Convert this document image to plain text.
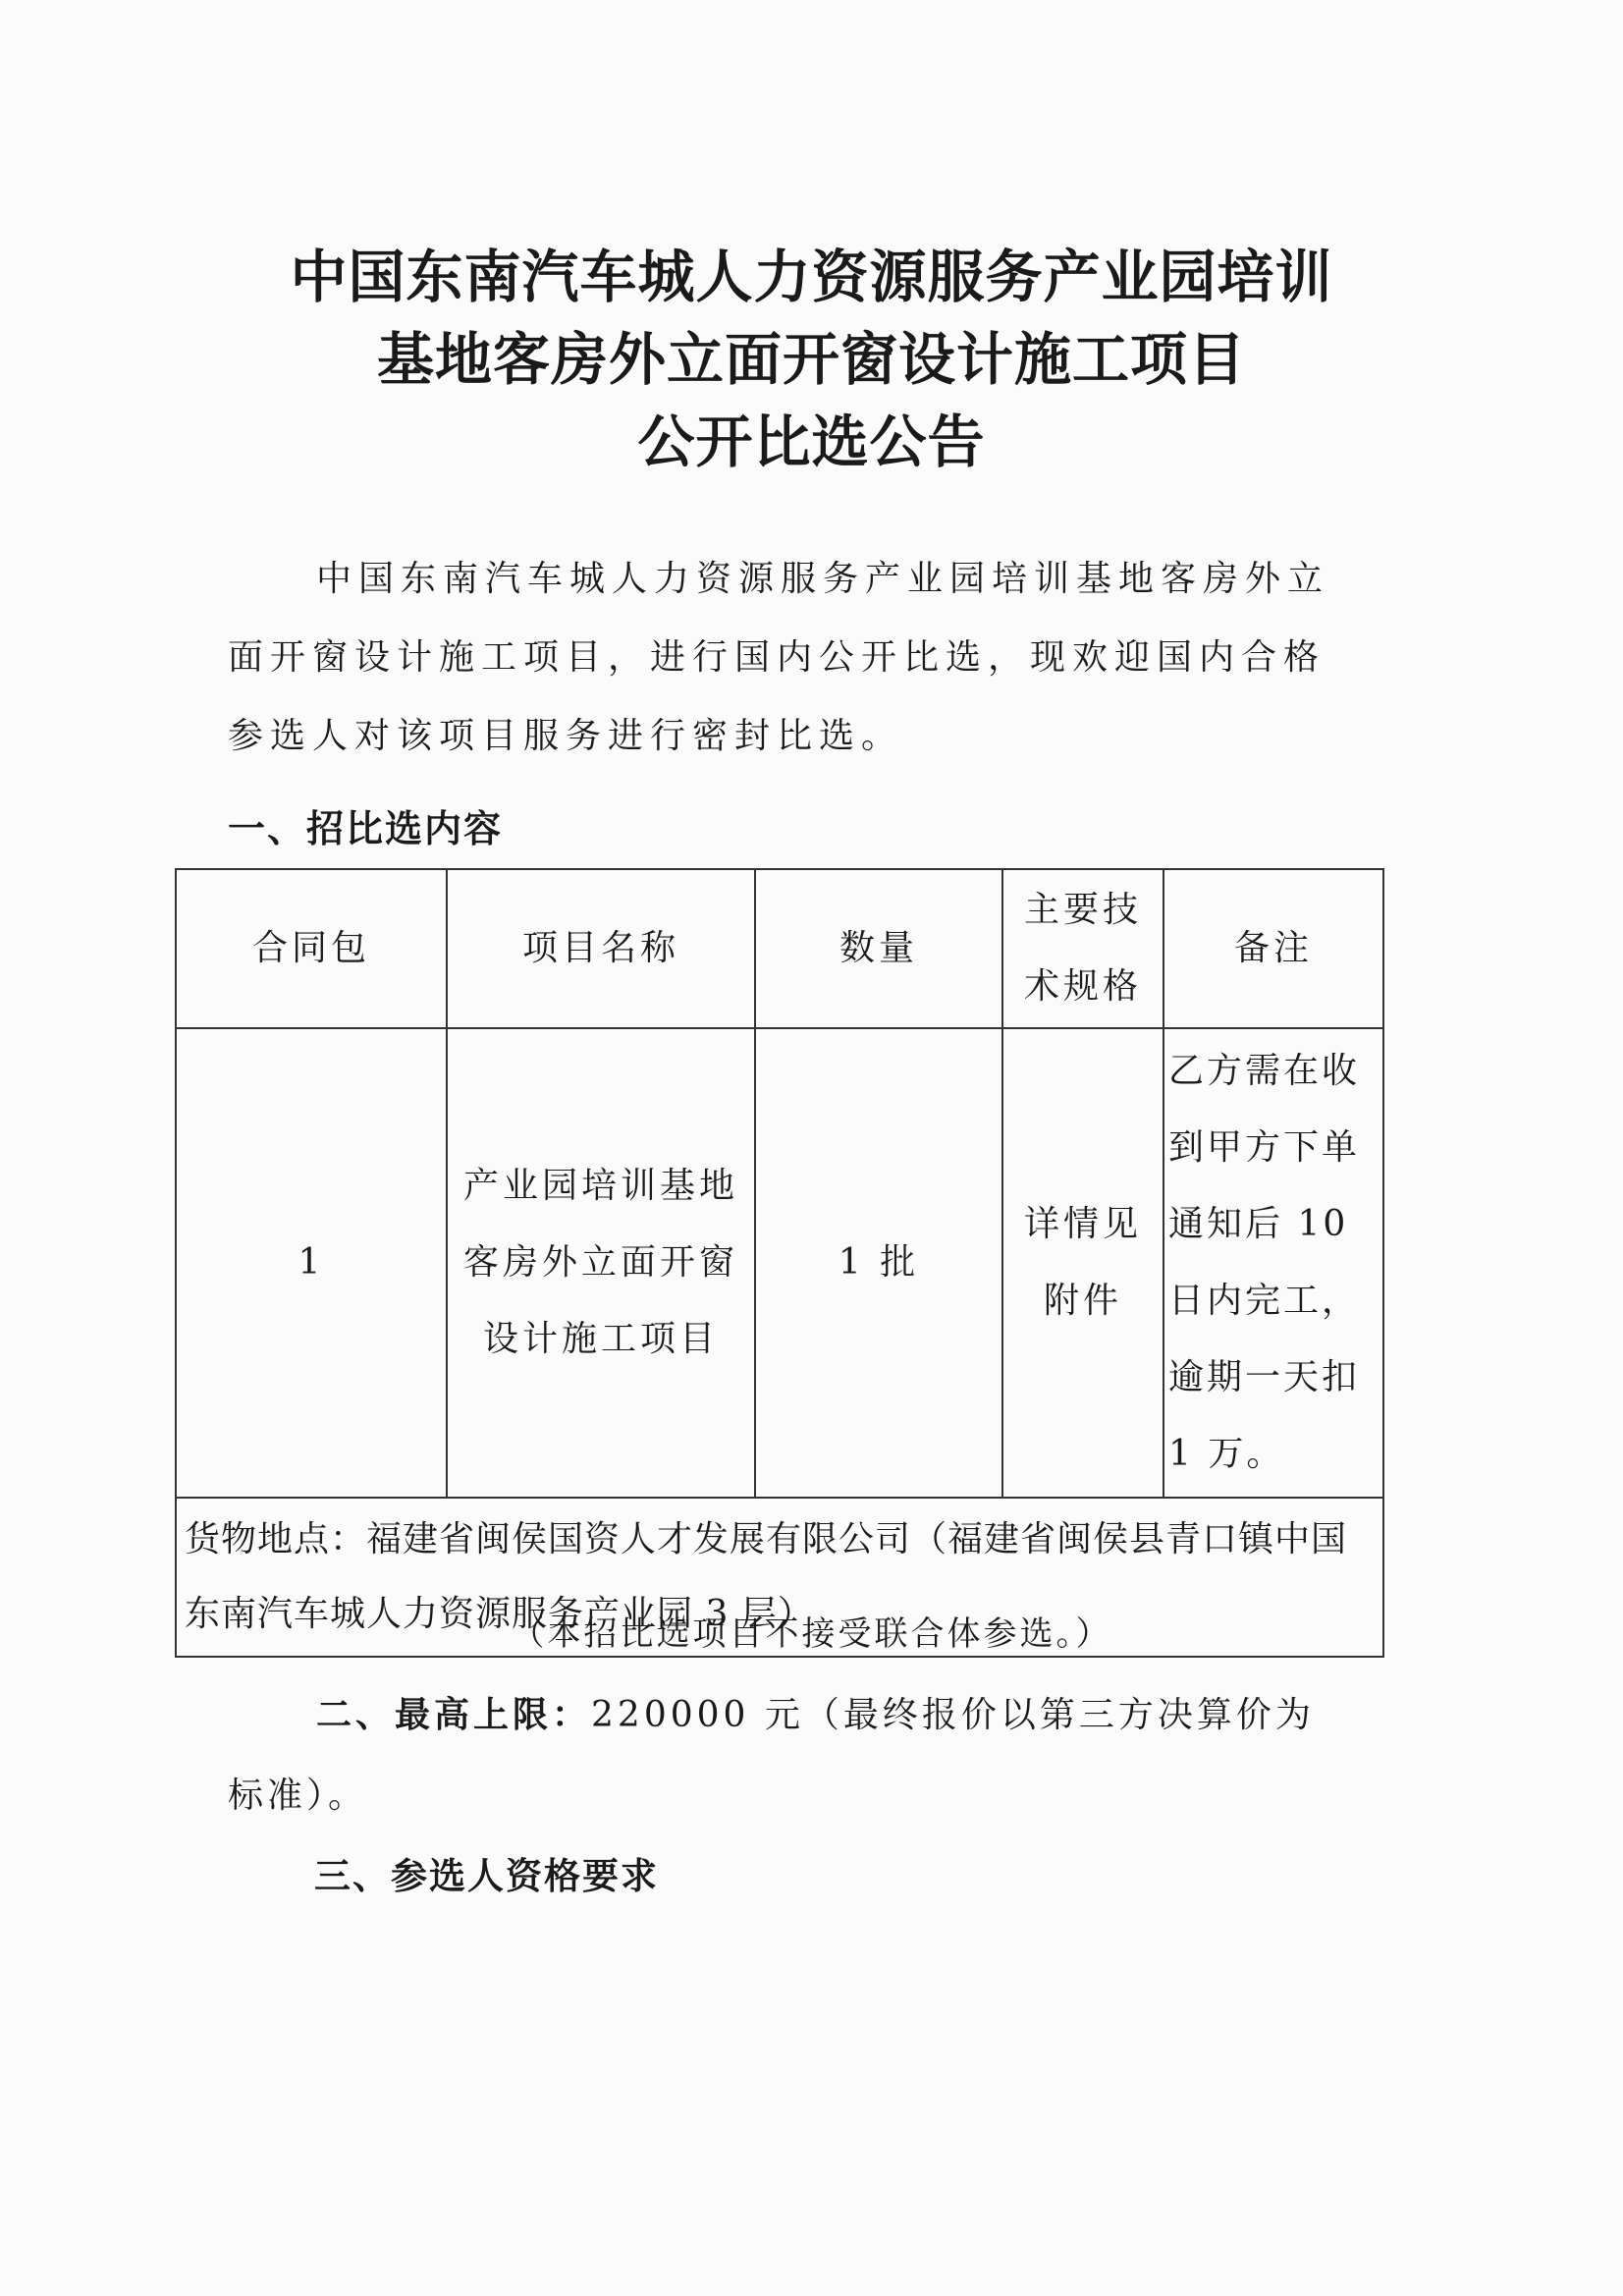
中国东南汽车城人力资源服务产业园培训
基地客房外立面开窗设计施工项目
公开比选公告
中国东南汽车城人力资源服务产业园培训基地客房外立面开窗设计施工项目，进行国内公开比选，现欢迎国内合格参选人对该项目服务进行密封比选。
一、招比选内容
合同包	项目名称	数量	主要技术规格	备注
1	产业园培训基地客房外立面开窗设计施工项目	1 批	详情见附件	乙方需在收到甲方下单通知后 10 日内完工，逾期一天扣 1 万。
货物地点：福建省闽侯国资人才发展有限公司（福建省闽侯县青口镇中国东南汽车城人力资源服务产业园 3 层）				
（本招比选项目不接受联合体参选。）
二、最高上限：220000 元（最终报价以第三方决算价为标准）。
三、参选人资格要求
